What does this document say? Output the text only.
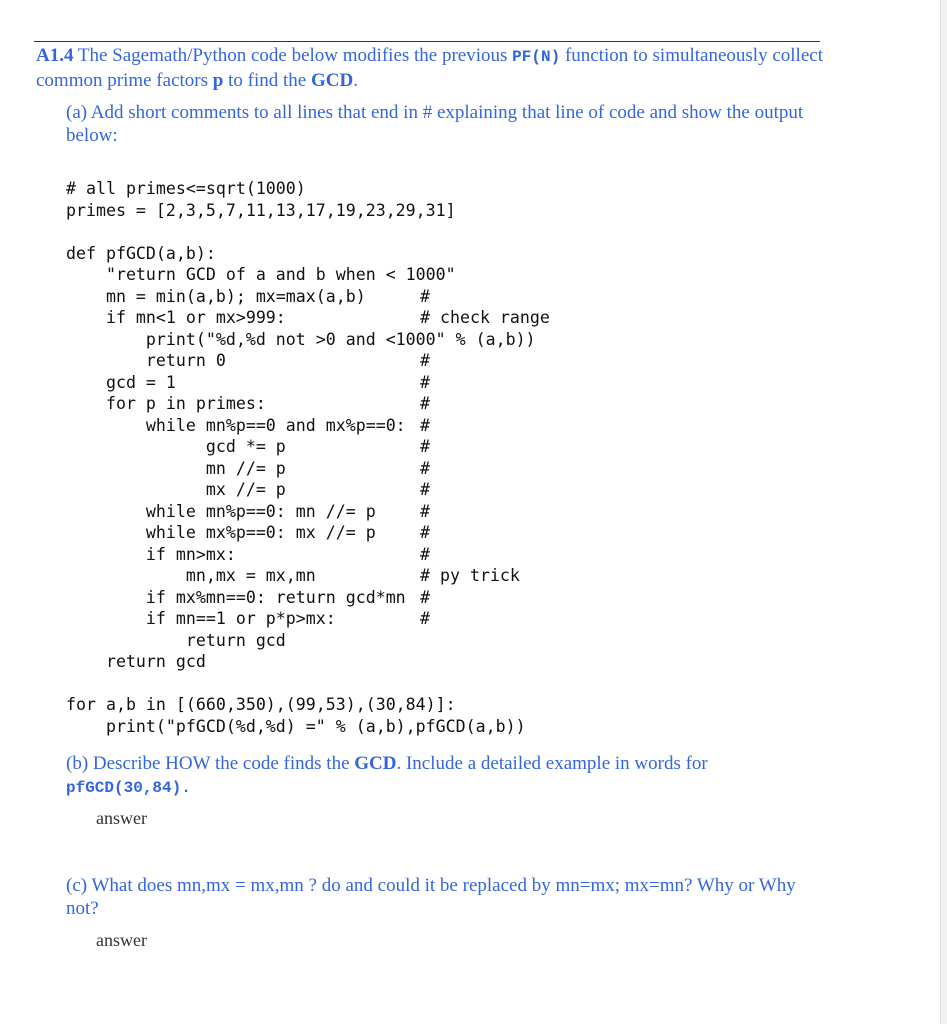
A1.4 The Sagemath/Python code below modifies the previous PF(N) function to simultaneously collect common prime factors p to find the GCD.
(a) Add short comments to all lines that end in # explaining that line of code and show the output below:
# all primes<=sqrt(1000)
primes = [2,3,5,7,11,13,17,19,23,29,31]
def pfGCD(a,b):
"return GCD of a and b when < 1000"
mn = min(a,b); mx=max(a,b)	#
if mn<1 or mx>999:	# check range
print("%d,%d not >0 and <1000" % (a,b))
return 0	#
gcd = 1	#
for p in primes:	#
while mn%p==0 and mx%p==0: #
gcd *= p	#
mn //= p	#
mx //= p	#
while mn%p==0: mn //= p	#
while mx%p==0: mx //= p	#
if mn>mx:	#
mn,mx = mx,mn	# py trick
if mx%mn==0: return gcd*mn #
if mn==1 or p*p>mx:	#
return gcd
return gcd
for a,b in [(660,350),(99,53),(30,84)]:
print("pfGCD(%d,%d) =" % (a,b),pfGCD(a,b))
(b) Describe HOW the code finds the GCD. Include a detailed example in words for pfGCD(30,84).
answer
(c) What does mn,mx = mx,mn ? do and could it be replaced by mn=mx; mx=mn? Why or Why not?
answer
